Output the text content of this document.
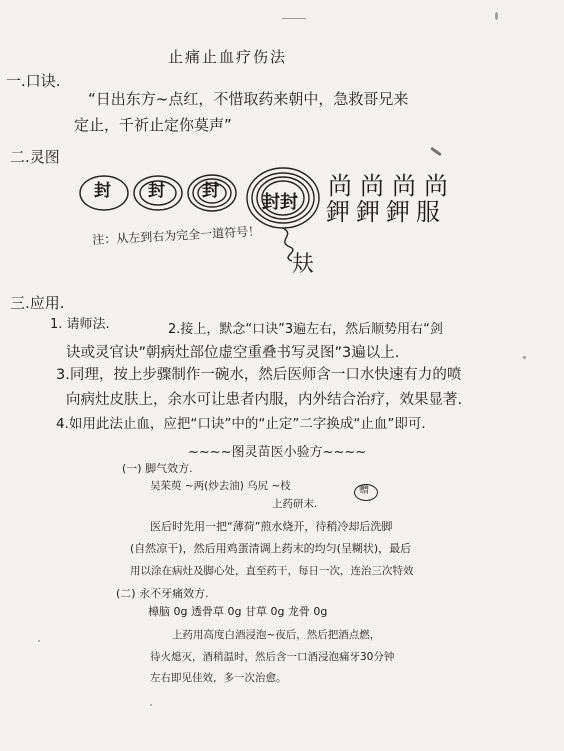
止痛止血疗伤法
一.口诀.
“日出东方~点红，不惜取药来朝中，急救哥兄来
定止，千祈止定你莫声”
二.灵图
封 封 封
封封
尚尚尚尚
鉀鉀鉀服
㚘
注：从左到右为完全一道符号！
三.应用.
1. 请师法.	2.接上，默念“口诀”3遍左右，然后顺势用右“剑
诀或灵官诀”朝病灶部位虚空重叠书写灵图”3遍以上.
3.同理，按上步骤制作一碗水，然后医师含一口水快速有力的喷
向病灶皮肤上，余水可让患者内服，内外结合治疗，效果显著.
4.如用此法止血，应把“口诀”中的“止定”二字换成“止血”即可.
~~~~图灵苗医小验方~~~~
(一) 脚气效方.
吴茱萸 ~两(炒去油) 乌尻 ~枝	赠
上药研末.
医后时先用一把“薄荷”煎水烧开，待稍冷却后洗脚
(自然凉干)，然后用鸡蛋清调上药末的均匀(呈糊状)，最后
用以涂在病灶及脚心处，直至药干，每日一次，连治三次特效
(二) 永不牙痛效方.
樟脑 0g 透骨草 0g 甘草 0g 龙骨 0g
上药用高度白酒浸泡~夜后，然后把酒点燃，
待火熄灭，酒稍温时，然后含一口酒浸泡痛牙30分钟
左右即见佳效，多一次治愈。
